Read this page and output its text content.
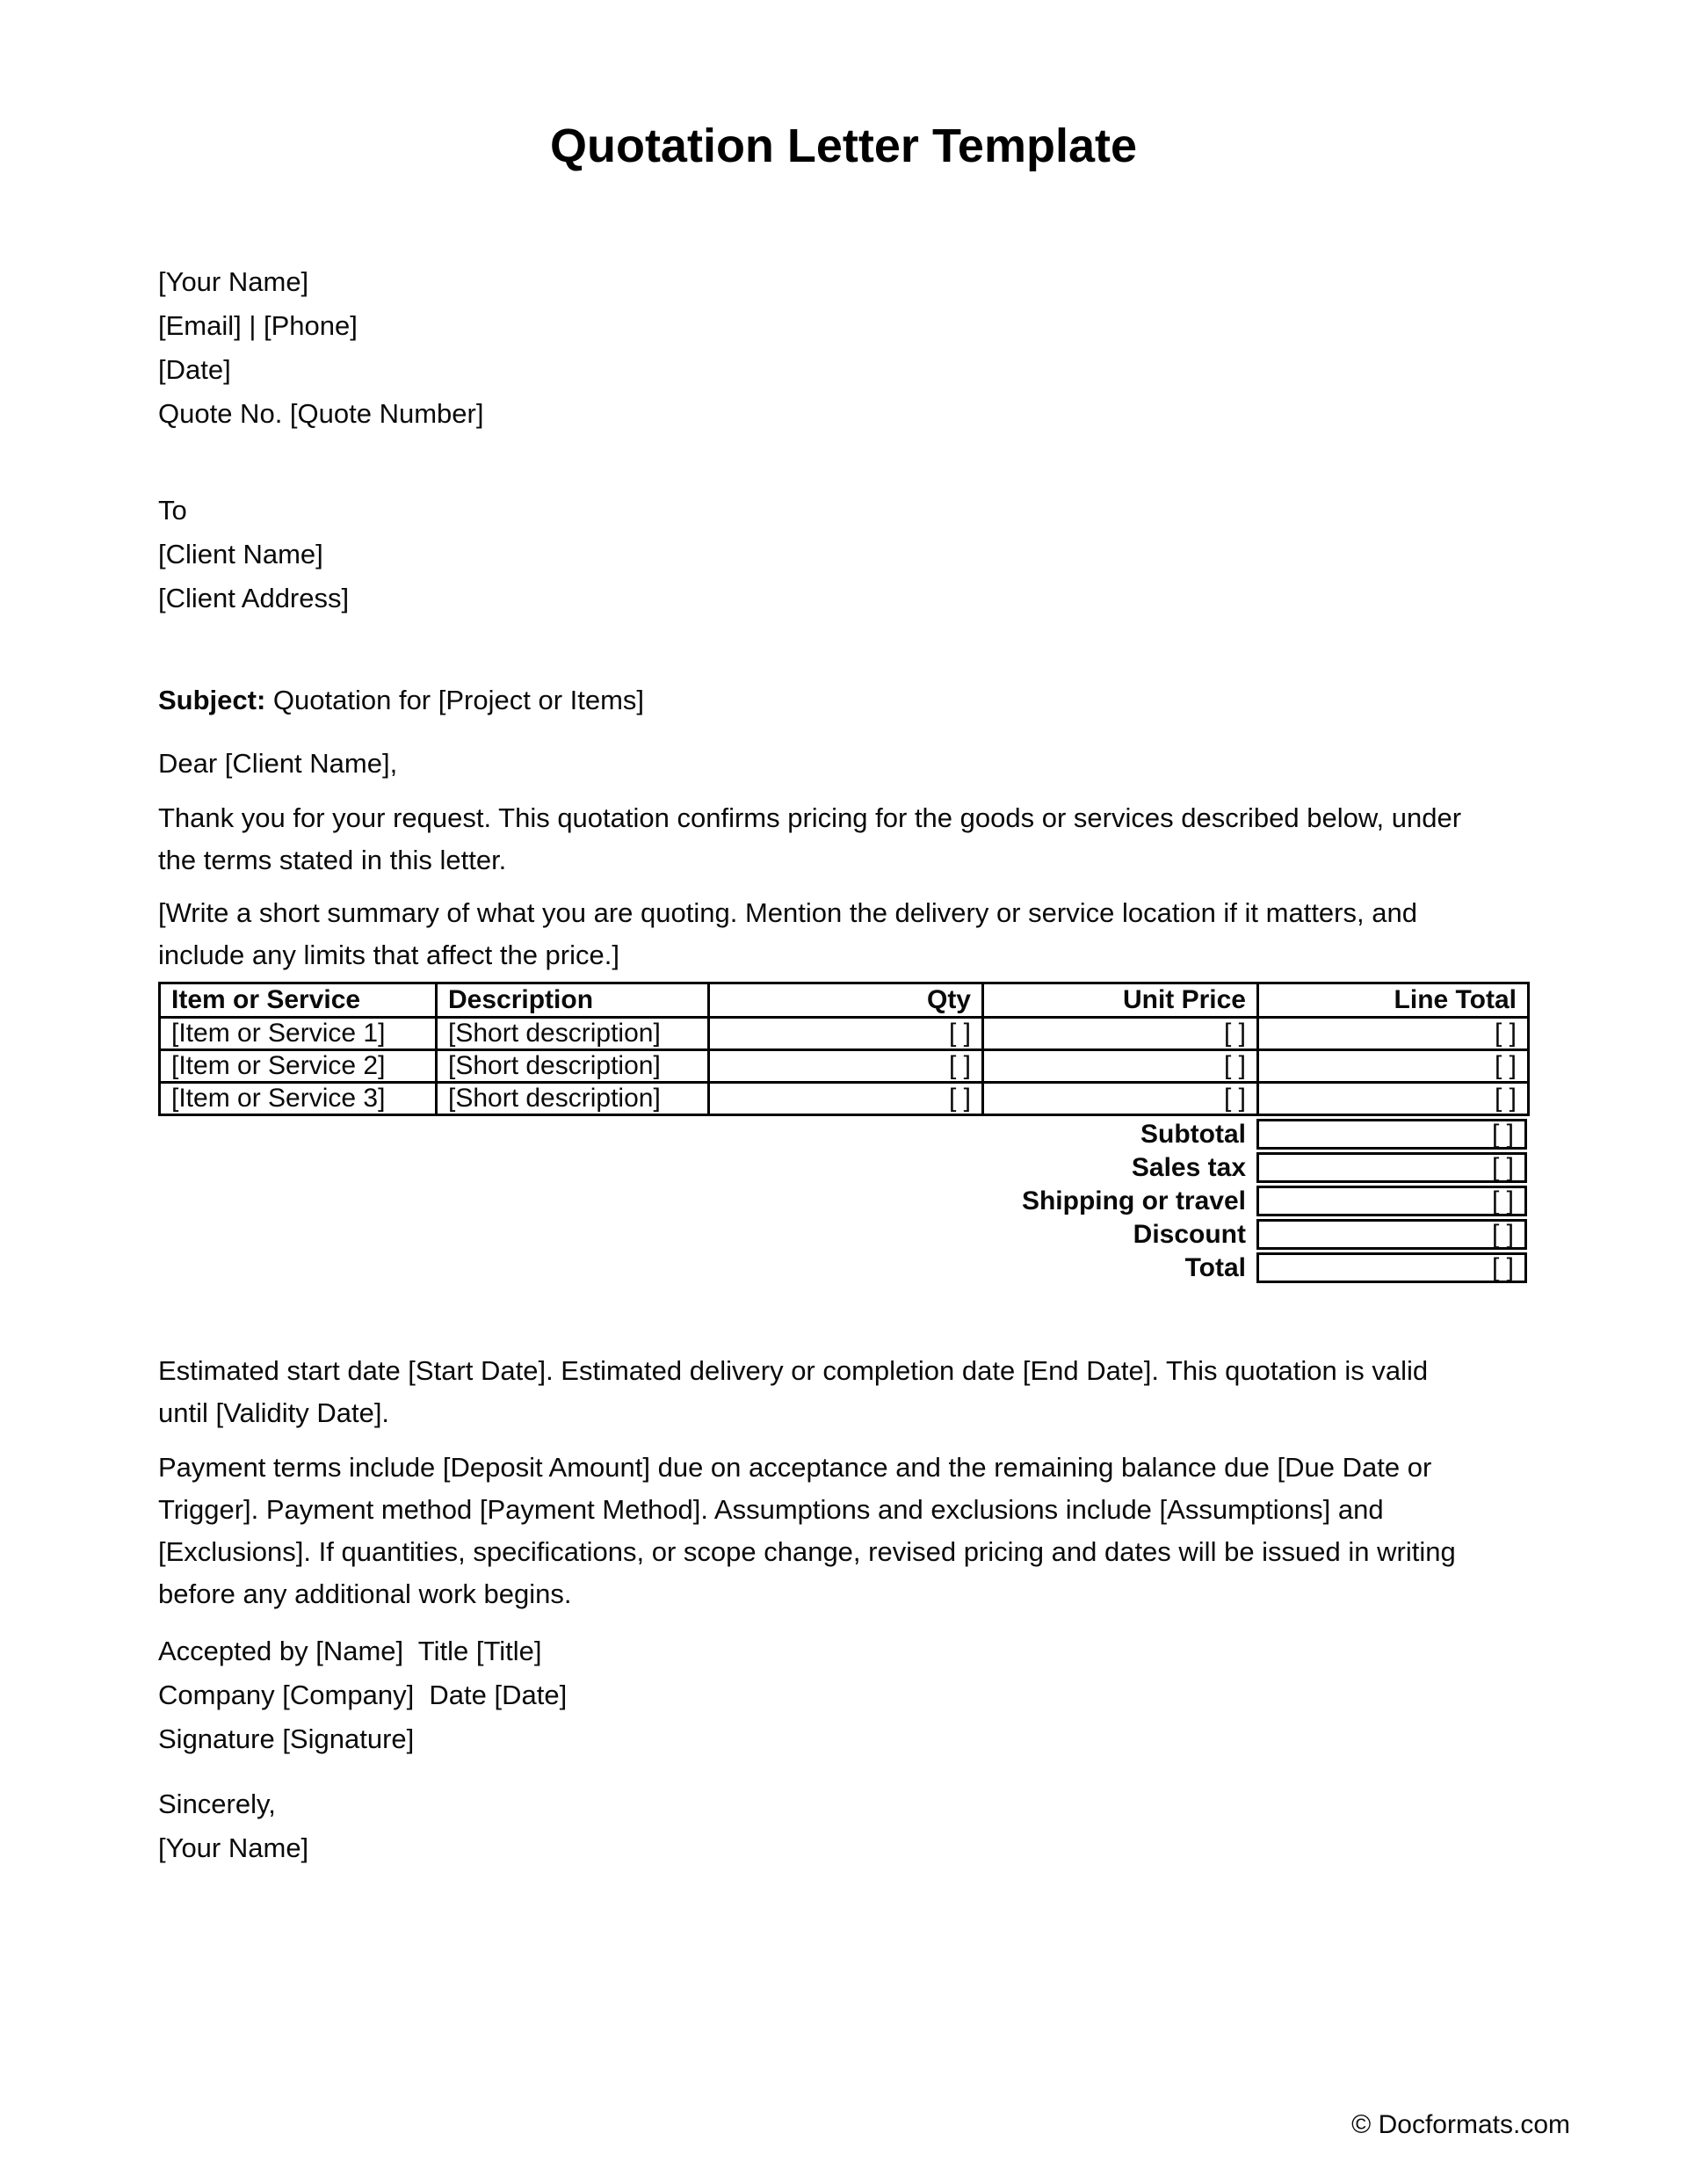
Quotation Letter Template
[Your Name]
[Email] | [Phone]
[Date]
Quote No. [Quote Number]
To
[Client Name]
[Client Address]
Subject: Quotation for [Project or Items]
Dear [Client Name],
Thank you for your request. This quotation confirms pricing for the goods or services described below, under
the terms stated in this letter.
[Write a short summary of what you are quoting. Mention the delivery or service location if it matters, and
include any limits that affect the price.]
Item or Service	Description	Qty	Unit Price	Line Total
[Item or Service 1]	[Short description]	[ ]	[ ]	[ ]
[Item or Service 2]	[Short description]	[ ]	[ ]	[ ]
[Item or Service 3]	[Short description]	[ ]	[ ]	[ ]
Subtotal	[ ]
Sales tax	[ ]
Shipping or travel	[ ]
Discount	[ ]
Total	[ ]
Estimated start date [Start Date]. Estimated delivery or completion date [End Date]. This quotation is valid
until [Validity Date].
Payment terms include [Deposit Amount] due on acceptance and the remaining balance due [Due Date or
Trigger]. Payment method [Payment Method]. Assumptions and exclusions include [Assumptions] and
[Exclusions]. If quantities, specifications, or scope change, revised pricing and dates will be issued in writing
before any additional work begins.
Accepted by [Name]  Title [Title]
Company [Company]  Date [Date]
Signature [Signature]
Sincerely,
[Your Name]
© Docformats.com
